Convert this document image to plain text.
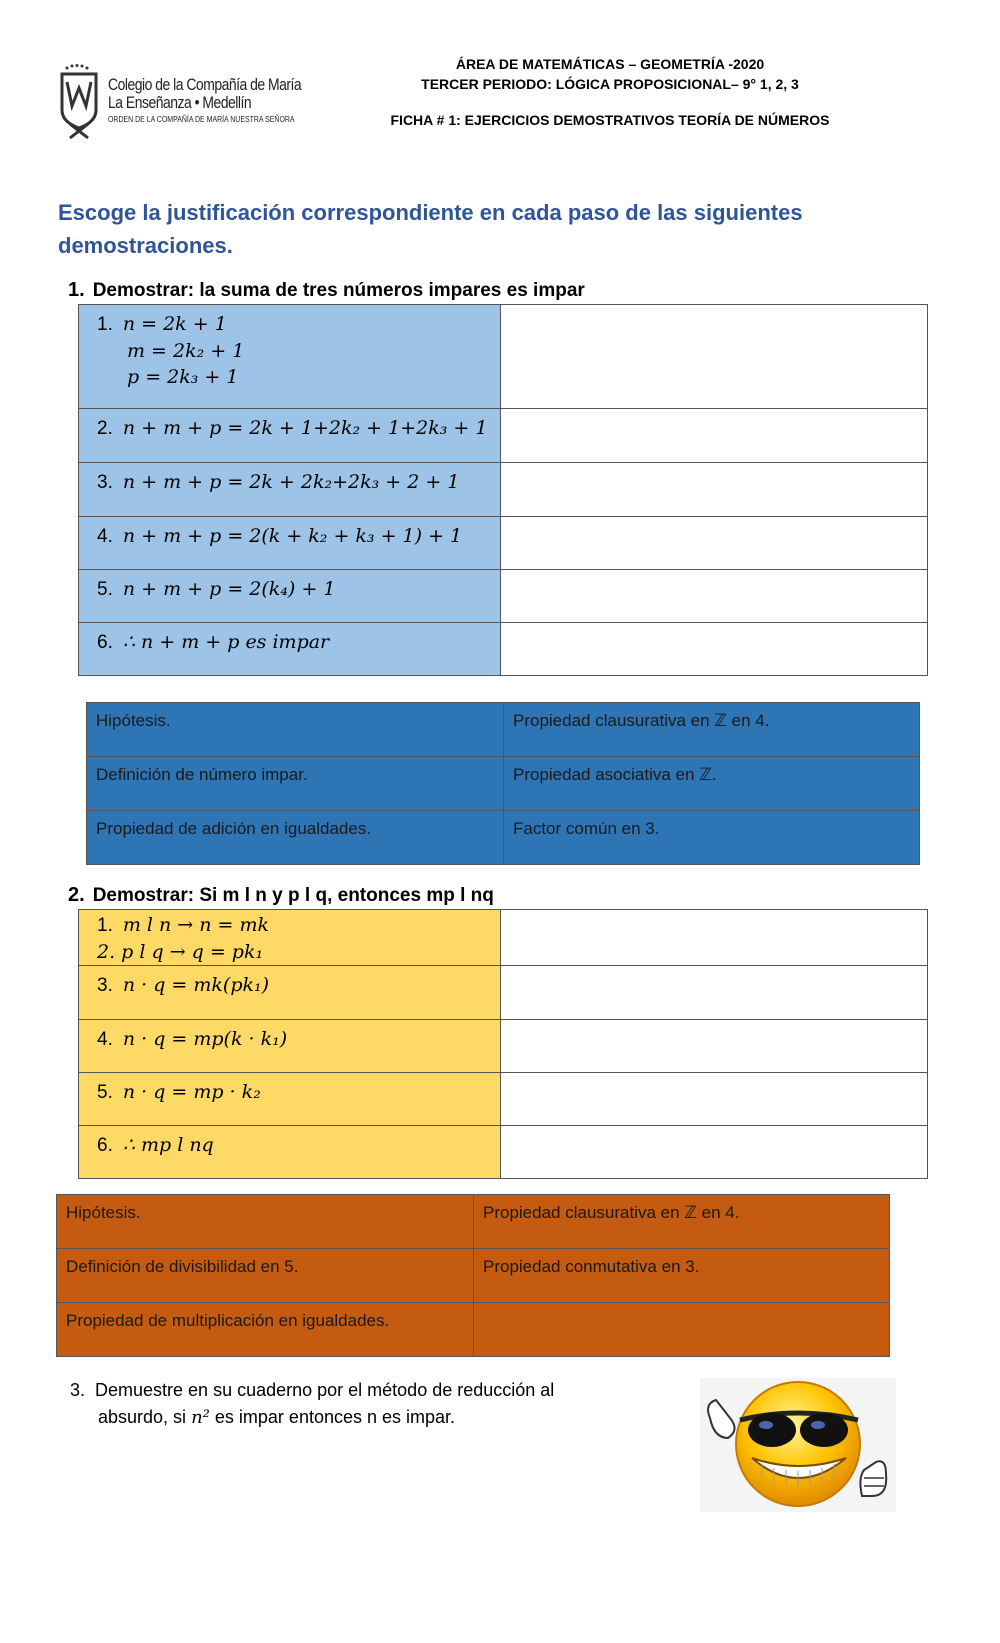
Colegio de la Compañía de María
La Enseñanza • Medellín
ORDEN DE LA COMPAÑÍA DE MARÍA NUESTRA SEÑORA
ÁREA DE MATEMÁTICAS – GEOMETRÍA -2020
TERCER PERIODO: LÓGICA PROPOSICIONAL– 9° 1, 2, 3
FICHA # 1: EJERCICIOS DEMOSTRATIVOS TEORÍA DE NÚMEROS
Escoge la justificación correspondiente en cada paso de las siguientes demostraciones.
1. Demostrar: la suma de tres números impares es impar
1. n = 2k + 1
m = 2k₂ + 1
p = 2k₃ + 1	

2. n + m + p = 2k + 1+2k₂ + 1+2k₃ + 1	

3. n + m + p = 2k + 2k₂+2k₃ + 2 + 1	

4. n + m + p = 2(k + k₂ + k₃ + 1) + 1	

5. n + m + p = 2(k₄) + 1	

6. ∴ n + m + p es impar	

Hipótesis.	Propiedad clausurativa en ℤ en 4.
Definición de número impar.	Propiedad asociativa en ℤ.
Propiedad de adición en igualdades.	Factor común en 3.
2. Demostrar: Si m l n y p l q, entonces mp l nq
1. m l n → n = mk
2. p l q → q = pk₁	

3. n · q = mk(pk₁)	

4. n · q = mp(k · k₁)	

5. n · q = mp · k₂	

6. ∴ mp l nq	

Hipótesis.	Propiedad clausurativa en ℤ en 4.
Definición de divisibilidad en 5.	Propiedad conmutativa en 3.
Propiedad de multiplicación en igualdades.	
3. Demuestre en su cuaderno por el método de reducción al
absurdo, si n² es impar entonces n es impar.
